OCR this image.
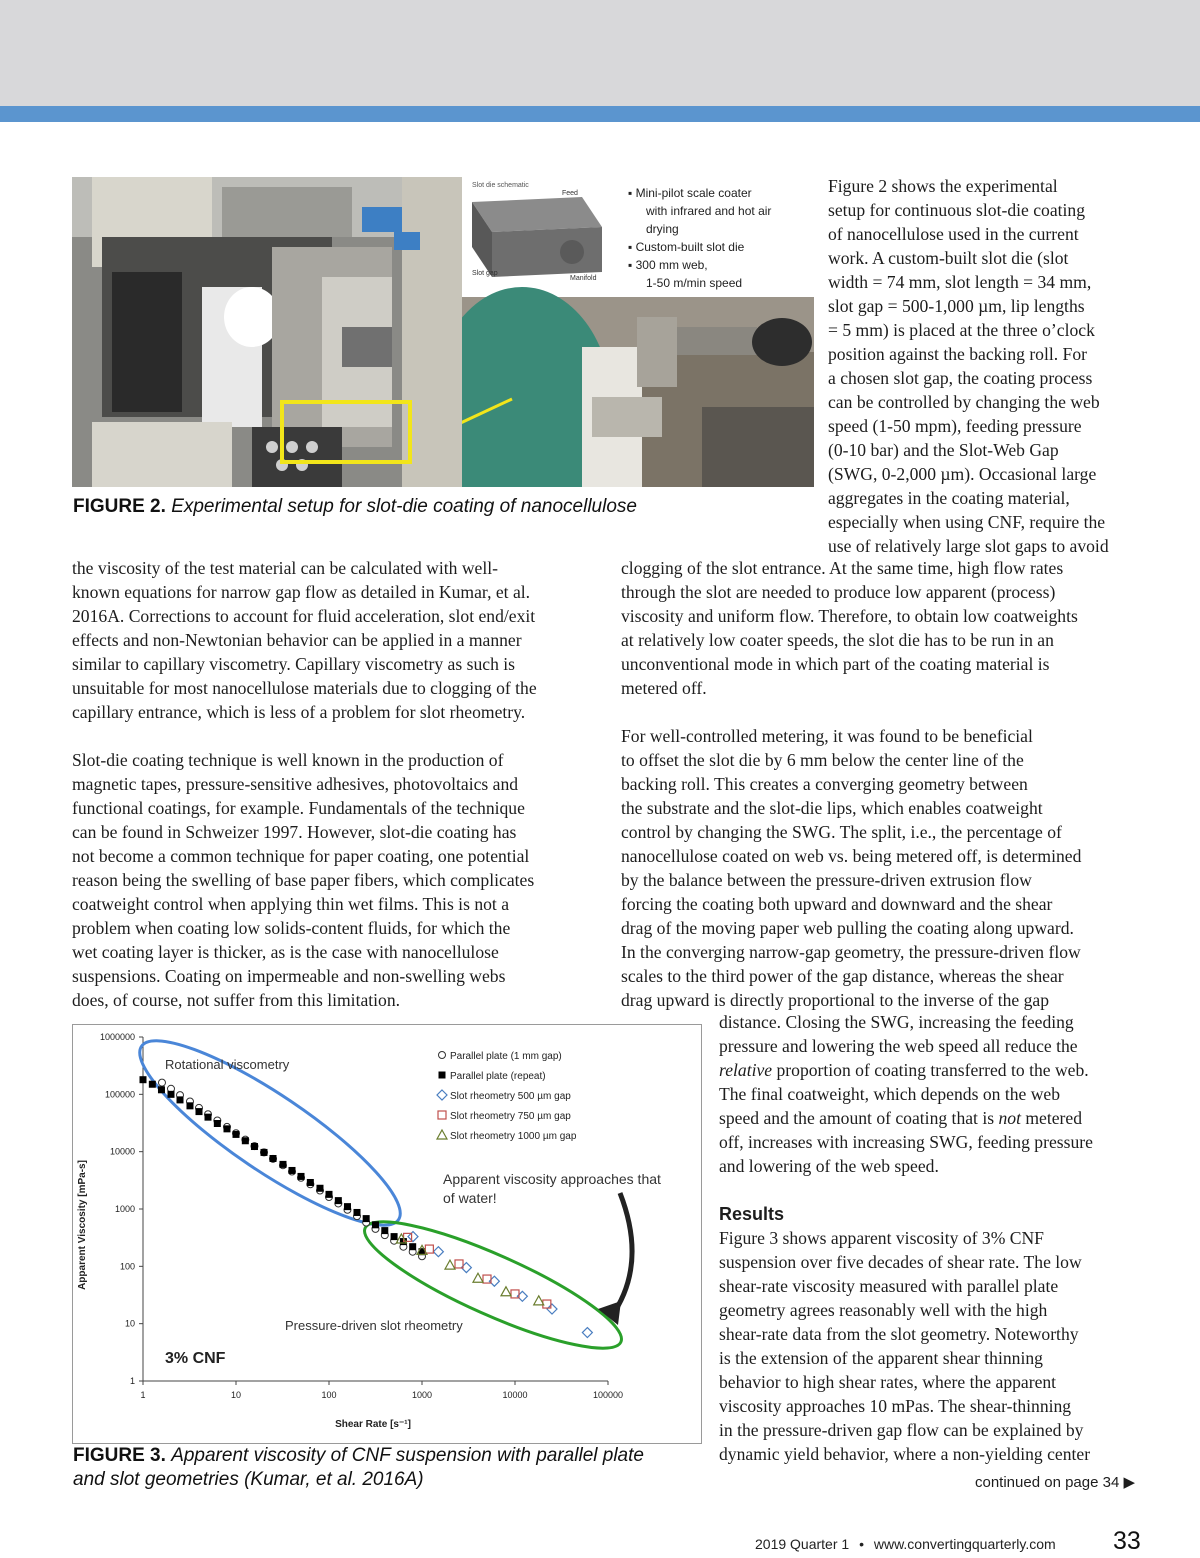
Slot die schematic
Feed
Slot gap
Manifold
▪ Mini-pilot scale coater
with infrared and hot air
drying
▪ Custom-built slot die
▪ 300 mm web,
1-50 m/min speed
FIGURE 2. Experimental setup for slot-die coating of nanocellulose
Figure 2 shows the experimental
setup for continuous slot-die coating
of nanocellulose used in the current
work. A custom-built slot die (slot
width = 74 mm, slot length = 34 mm,
slot gap = 500-1,000 µm, lip lengths
= 5 mm) is placed at the three o’clock
position against the backing roll. For
a chosen slot gap, the coating process
can be controlled by changing the web
speed (1-50 mpm), feeding pressure
(0-10 bar) and the Slot-Web Gap
(SWG, 0-2,000 µm). Occasional large
aggregates in the coating material,
especially when using CNF, require the
use of relatively large slot gaps to avoid

the viscosity of the test material can be calculated with well-
known equations for narrow gap flow as detailed in Kumar, et al.
2016A. Corrections to account for fluid acceleration, slot end/exit
effects and non-Newtonian behavior can be applied in a manner
similar to capillary viscometry. Capillary viscometry as such is
unsuitable for most nanocellulose materials due to clogging of the
capillary entrance, which is less of a problem for slot rheometry.

Slot-die coating technique is well known in the production of
magnetic tapes, pressure-sensitive adhesives, photovoltaics and
functional coatings, for example. Fundamentals of the technique
can be found in Schweizer 1997. However, slot-die coating has
not become a common technique for paper coating, one potential
reason being the swelling of base paper fibers, which complicates
coatweight control when applying thin wet films. This is not a
problem when coating low solids-content fluids, for which the
wet coating layer is thicker, as is the case with nanocellulose
suspensions. Coating on impermeable and non-swelling webs
does, of course, not suffer from this limitation.

clogging of the slot entrance. At the same time, high flow rates
through the slot are needed to produce low apparent (process)
viscosity and uniform flow. Therefore, to obtain low coatweights
at relatively low coater speeds, the slot die has to be run in an
unconventional mode in which part of the coating material is
metered off.

For well-controlled metering, it was found to be beneficial
to offset the slot die by 6 mm below the center line of the
backing roll. This creates a converging geometry between
the substrate and the slot-die lips, which enables coatweight
control by changing the SWG. The split, i.e., the percentage of
nanocellulose coated on web vs. being metered off, is determined
by the balance between the pressure-driven extrusion flow
forcing the coating both upward and downward and the shear
drag of the moving paper web pulling the coating along upward.
In the converging narrow-gap geometry, the pressure-driven flow
scales to the third power of the gap distance, whereas the shear
drag upward is directly proportional to the inverse of the gap

distance. Closing the SWG, increasing the feeding
pressure and lowering the web speed all reduce the
relative proportion of coating transferred to the web.
The final coatweight, which depends on the web
speed and the amount of coating that is not metered
off, increases with increasing SWG, feeding pressure
and lowering of the web speed.

Results
Figure 3 shows apparent viscosity of 3% CNF
suspension over five decades of shear rate. The low
shear-rate viscosity measured with parallel plate
geometry agrees reasonably well with the high
shear-rate data from the slot geometry. Noteworthy
is the extension of the apparent shear thinning
behavior to high shear rates, where the apparent
viscosity approaches 10 mPas. The shear-thinning
in the pressure-driven gap flow can be explained by
dynamic yield behavior, where a non-yielding center

1
10
100
1000
10000
100000
1000000
1	10	100	1000	10000	100000
Rotational viscometry
Pressure-driven slot rheometry
Apparent viscosity approaches that
of water!
3% CNF
Parallel plate (1 mm gap)
Parallel plate (repeat)
Slot rheometry 500 µm gap
Slot rheometry 750 µm gap
Slot rheometry 1000 µm gap
Shear Rate [s⁻¹]
Apparent Viscosity [mPa-s]
FIGURE 3. Apparent viscosity of CNF suspension with parallel plate
and slot geometries (Kumar, et al. 2016A)	continued on page 34 ▶
2019 Quarter 1 • www.convertingquarterly.com 33
